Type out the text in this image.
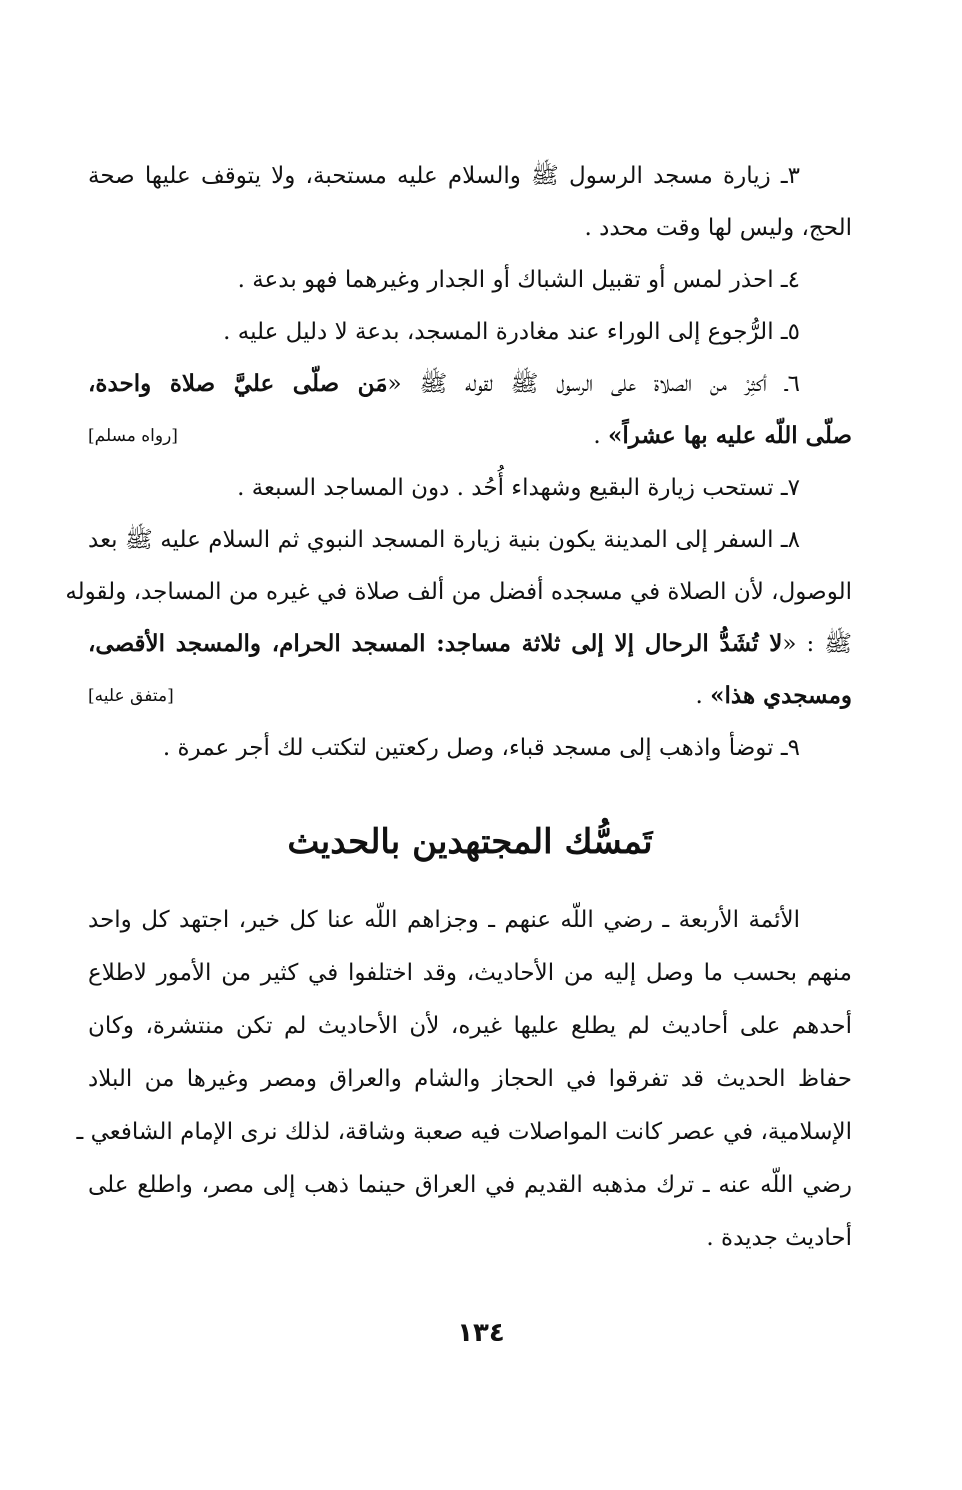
٣ـ زيارة مسجد الرسول ﷺ والسلام عليه مستحبة، ولا يتوقف عليها صحة
الحج، وليس لها وقت محدد .
٤ـ احذر لمس أو تقبيل الشباك أو الجدار وغيرهما فهو بدعة .
٥ـ الرُّجوع إلى الوراء عند مغادرة المسجد، بدعة لا دليل عليه .
٦ـ أكثِرْ من الصلاة على الرسول ﷺ لقوله ﷺ «مَن صلّى عليَّ صلاة واحدة،
صلّى اللّه عليه بها عشراً» .
[رواه مسلم]
٧ـ تستحب زيارة البقيع وشهداء أُحُد . دون المساجد السبعة .
٨ـ السفر إلى المدينة يكون بنية زيارة المسجد النبوي ثم السلام عليه ﷺ بعد
الوصول، لأن الصلاة في مسجده أفضل من ألف صلاة في غيره من المساجد، ولقوله
ﷺ : «لا تُشَدُّ الرحال إلا إلى ثلاثة مساجد: المسجد الحرام، والمسجد الأقصى،
ومسجدي هذا» .
[متفق عليه]
٩ـ توضأ واذهب إلى مسجد قباء، وصل ركعتين لتكتب لك أجر عمرة .
تَمسُّك المجتهدين بالحديث
الأئمة الأربعة ـ رضي اللّه عنهم ـ وجزاهم اللّه عنا كل خير، اجتهد كل واحد
منهم بحسب ما وصل إليه من الأحاديث، وقد اختلفوا في كثير من الأمور لاطلاع
أحدهم على أحاديث لم يطلع عليها غيره، لأن الأحاديث لم تكن منتشرة، وكان
حفاظ الحديث قد تفرقوا في الحجاز والشام والعراق ومصر وغيرها من البلاد
الإسلامية، في عصر كانت المواصلات فيه صعبة وشاقة، لذلك نرى الإمام الشافعي ـ
رضي اللّه عنه ـ ترك مذهبه القديم في العراق حينما ذهب إلى مصر، واطلع على
أحاديث جديدة .
١٣٤
